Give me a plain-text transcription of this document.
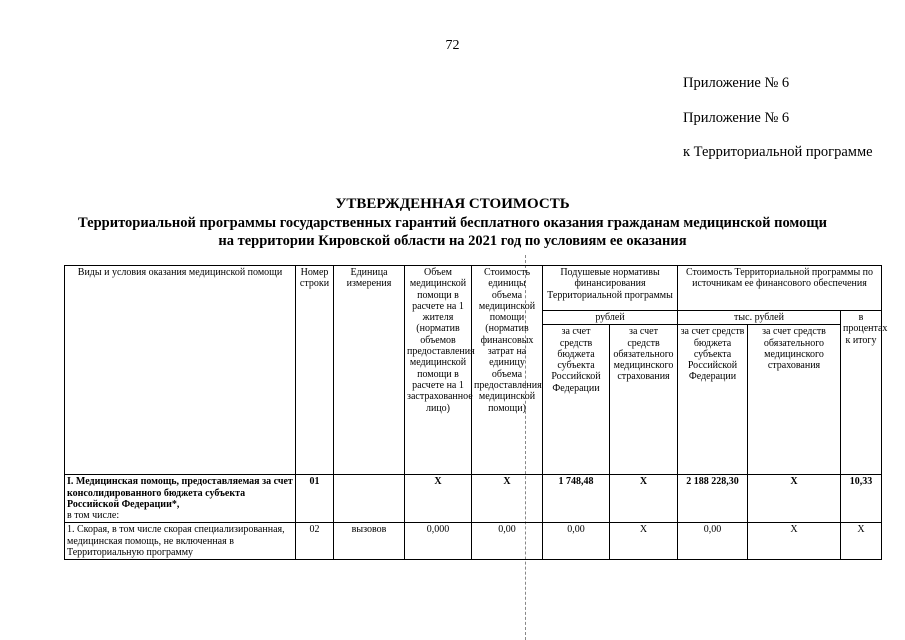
72
Приложение № 6
Приложение № 6
к Территориальной программе
УТВЕРЖДЕННАЯ СТОИМОСТЬ
Территориальной программы государственных гарантий бесплатного оказания гражданам медицинской помощи
на территории Кировской области на 2021 год по условиям ее оказания
Виды и условия оказания медицинской помощи	Номер строки	Единица измерения	Объем медицинской помощи в расчете на 1 жителя (норматив объемов предоставления медицинской помощи в расчете на 1 застрахованное лицо)	Стоимость единицы объема медицинской помощи (норматив финансовых затрат на единицу объема предоставления медицинской помощи)	Подушевые нормативы финансирования Территориальной программы		Стоимость Территориальной программы по источникам ее финансового обеспечения		
					рублей		тыс. рублей		в процентах к итогу
					за счет средств бюджета субъекта Российской Федерации	за счет средств обязательного медицинского страхования	за счет средств бюджета субъекта Российской Федерации	за счет средств обязательного медицинского страхования	
I. Медицинская помощь, предоставляемая за счет консолидированного бюджета субъекта Российской Федерации*,
в том числе:	01		X	X	1 748,48	X	2 188 228,30	X	10,33
1. Скорая, в том числе скорая специализированная, медицинская помощь, не включенная в Территориальную программу	02	вызовов	0,000	0,00	0,00	X	0,00	X	X
